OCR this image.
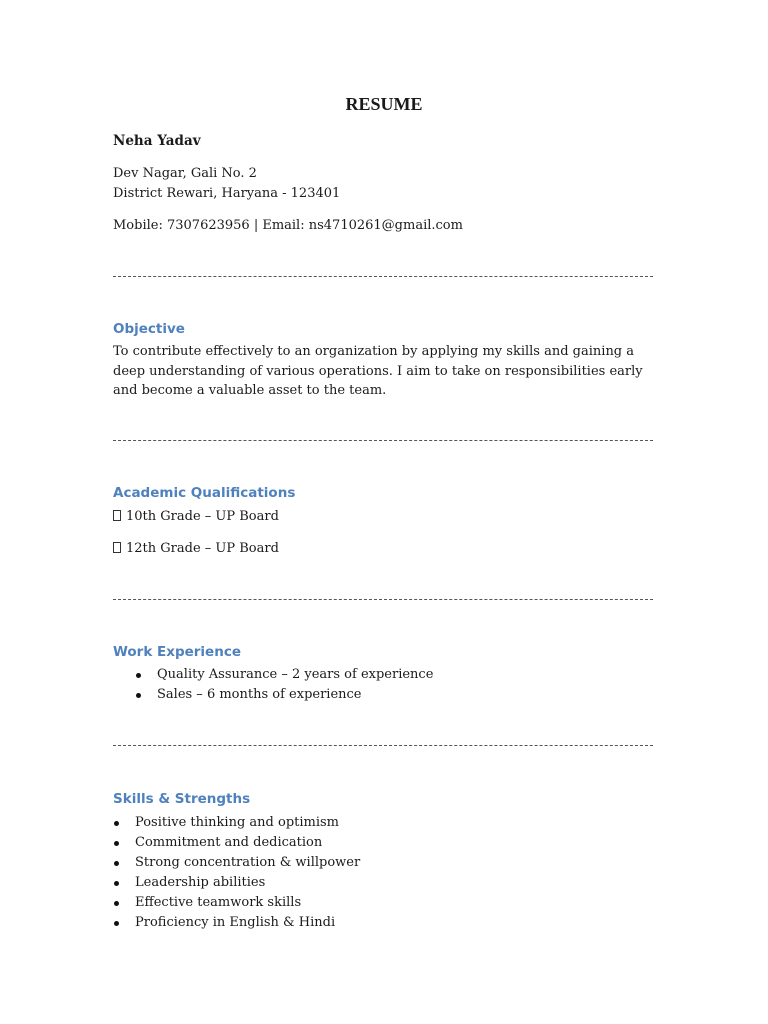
RESUME
Neha Yadav
Dev Nagar, Gali No. 2
District Rewari, Haryana - 123401
Mobile: 7307623956 | Email: ns4710261@gmail.com
Objective
To contribute effectively to an organization by applying my skills and gaining a deep understanding of various operations. I aim to take on responsibilities early and become a valuable asset to the team.
Academic Qualifications
10th Grade – UP Board
12th Grade – UP Board
Work Experience
Quality Assurance – 2 years of experience
Sales – 6 months of experience
Skills & Strengths
Positive thinking and optimism
Commitment and dedication
Strong concentration & willpower
Leadership abilities
Effective teamwork skills
Proficiency in English & Hindi
